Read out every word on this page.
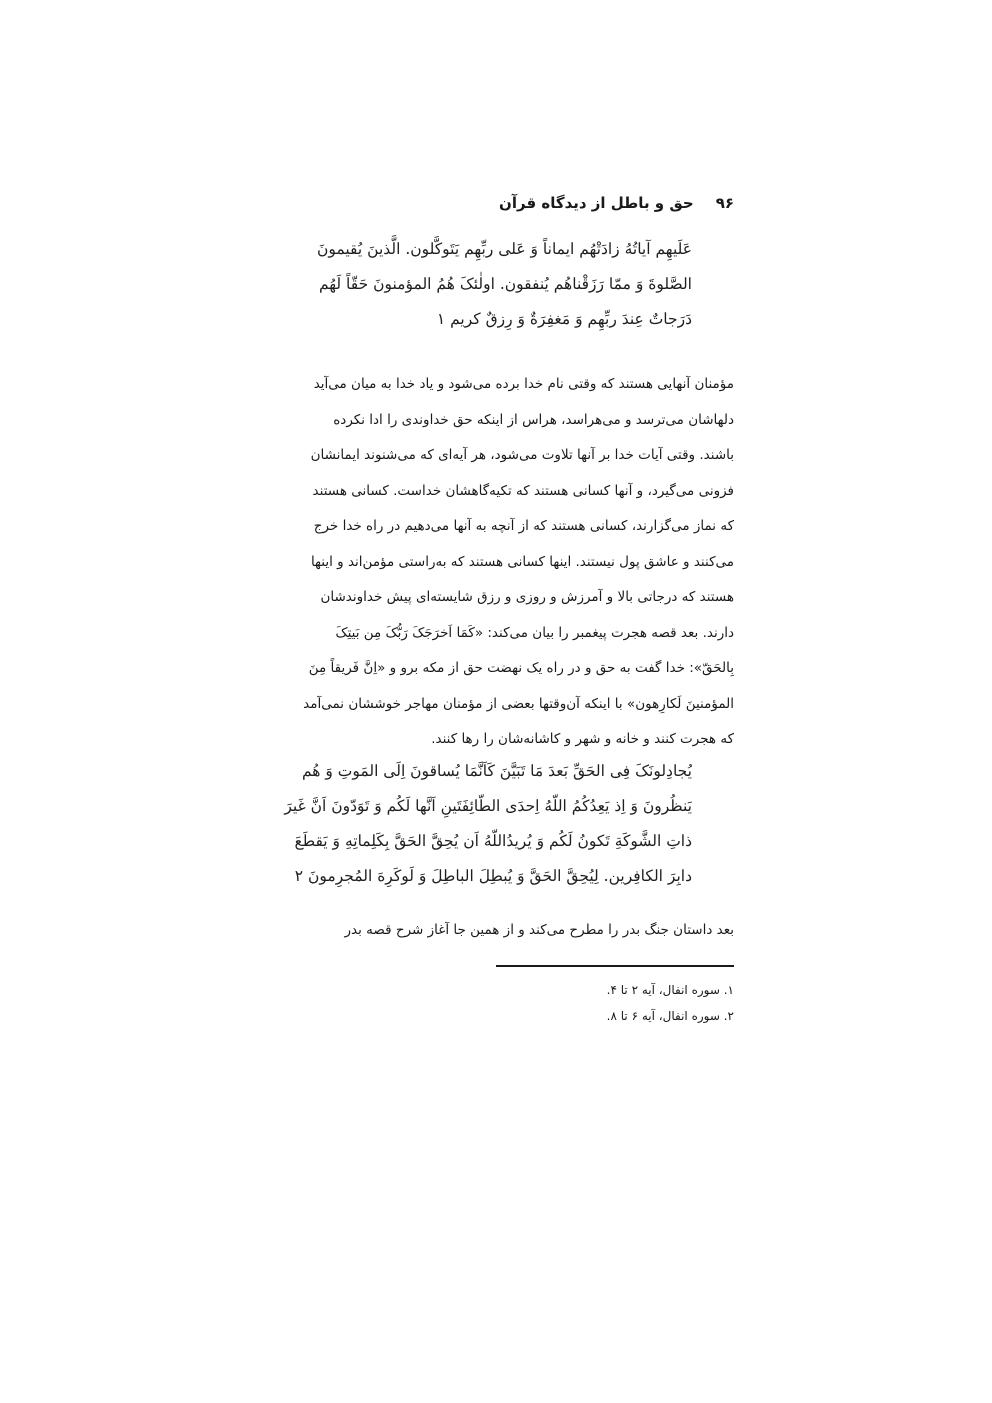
۹۶حق و باطل از دیدگاه قرآن
عَلَیهِم آیاتُهُ زادَتْهُم ایماناً وَ عَلی ربِّهِم یَتَوکَّلون. الَّذینَ یُقیمونَ
الصَّلوةَ وَ ممّا رَزَقْناهُم یُنفقون. اولٰئکَ هُمُ المؤمنونَ حَقّاً لَهُم
دَرَجاتٌ عِندَ ربِّهِم وَ مَغفِرَةٌ وَ رِزقٌ کریم ۱
مؤمنان آنهایی هستند که وقتی نام خدا برده می‌شود و یاد خدا به میان می‌آید
دلهاشان می‌ترسد و می‌هراسد، هراس از اینکه حق خداوندی را ادا نکرده
باشند. وقتی آیات خدا بر آنها تلاوت می‌شود، هر آیه‌ای که می‌شنوند ایمانشان
فزونی می‌گیرد، و آنها کسانی هستند که تکیه‌گاهشان خداست. کسانی هستند
که نماز می‌گزارند، کسانی هستند که از آنچه به آنها می‌دهیم در راه خدا خرج
می‌کنند و عاشق پول نیستند. اینها کسانی هستند که به‌راستی مؤمن‌اند و اینها
هستند که درجاتی بالا و آمرزش و روزی و رزق شایسته‌ای پیش خداوندشان
دارند. بعد قصه هجرت پیغمبر را بیان می‌کند: «کَمَا اَخرَجَکَ رَبُّکَ مِن بَیتِکَ
بِالحَقّ»: خدا گفت به حق و در راه یک نهضت حق از مکه برو و «اِنَّ فَریقاً مِنَ
المؤمنینَ لَکارِهون» با اینکه آن‌وقتها بعضی از مؤمنان مهاجر خوششان نمی‌آمد
که هجرت کنند و خانه و شهر و کاشانه‌شان را رها کنند.
یُجادِلونَکَ فِی الحَقِّ بَعدَ مَا تَبَیَّنَ کَاَنَّمَا یُساقونَ اِلَی المَوتِ وَ هُم
یَنظُرونَ وَ اِذ یَعِدُکُمُ اللّهُ اِحدَی الطّائِفَتَینِ اَنَّها لَکُم وَ تَوَدّونَ اَنَّ غَیرَ
ذاتِ الشَّوکَةِ تَکونُ لَکُم وَ یُریدُاللّهُ اَن یُحِقَّ الحَقَّ بِکَلِماتِهِ وَ یَقطَعَ
دابِرَ الکافِرین. لِیُحِقَّ الحَقَّ وَ یُبطِلَ الباطِلَ وَ لَوکَرِهَ المُجرِمونَ ۲
بعد داستان جنگ بدر را مطرح می‌کند و از همین جا آغاز شرح قصه بدر
۱. سوره انفال، آیه ۲ تا ۴.
۲. سوره انفال، آیه ۶ تا ۸.
